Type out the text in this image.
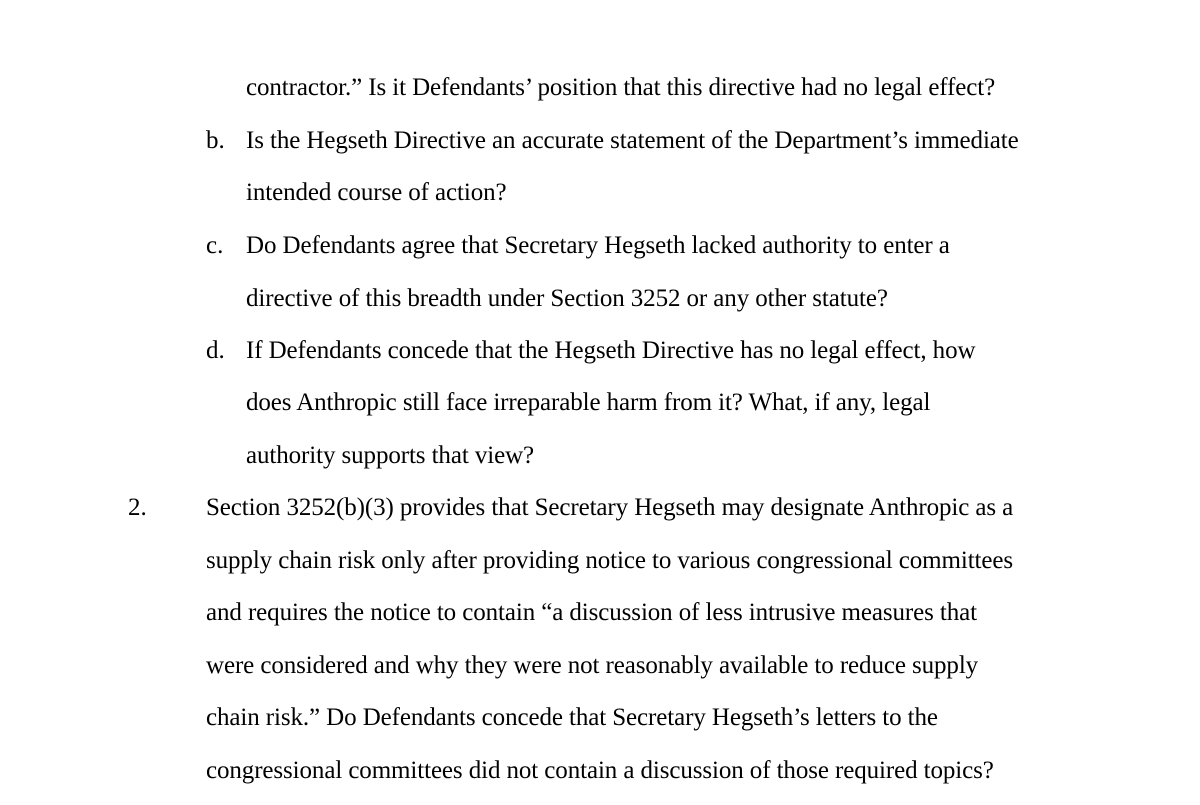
contractor.” Is it Defendants’ position that this directive had no legal effect?
b. Is the Hegseth Directive an accurate statement of the Department’s immediate
intended course of action?
c. Do Defendants agree that Secretary Hegseth lacked authority to enter a
directive of this breadth under Section 3252 or any other statute?
d. If Defendants concede that the Hegseth Directive has no legal effect, how
does Anthropic still face irreparable harm from it? What, if any, legal
authority supports that view?
2. Section 3252(b)(3) provides that Secretary Hegseth may designate Anthropic as a
supply chain risk only after providing notice to various congressional committees
and requires the notice to contain “a discussion of less intrusive measures that
were considered and why they were not reasonably available to reduce supply
chain risk.” Do Defendants concede that Secretary Hegseth’s letters to the
congressional committees did not contain a discussion of those required topics?
